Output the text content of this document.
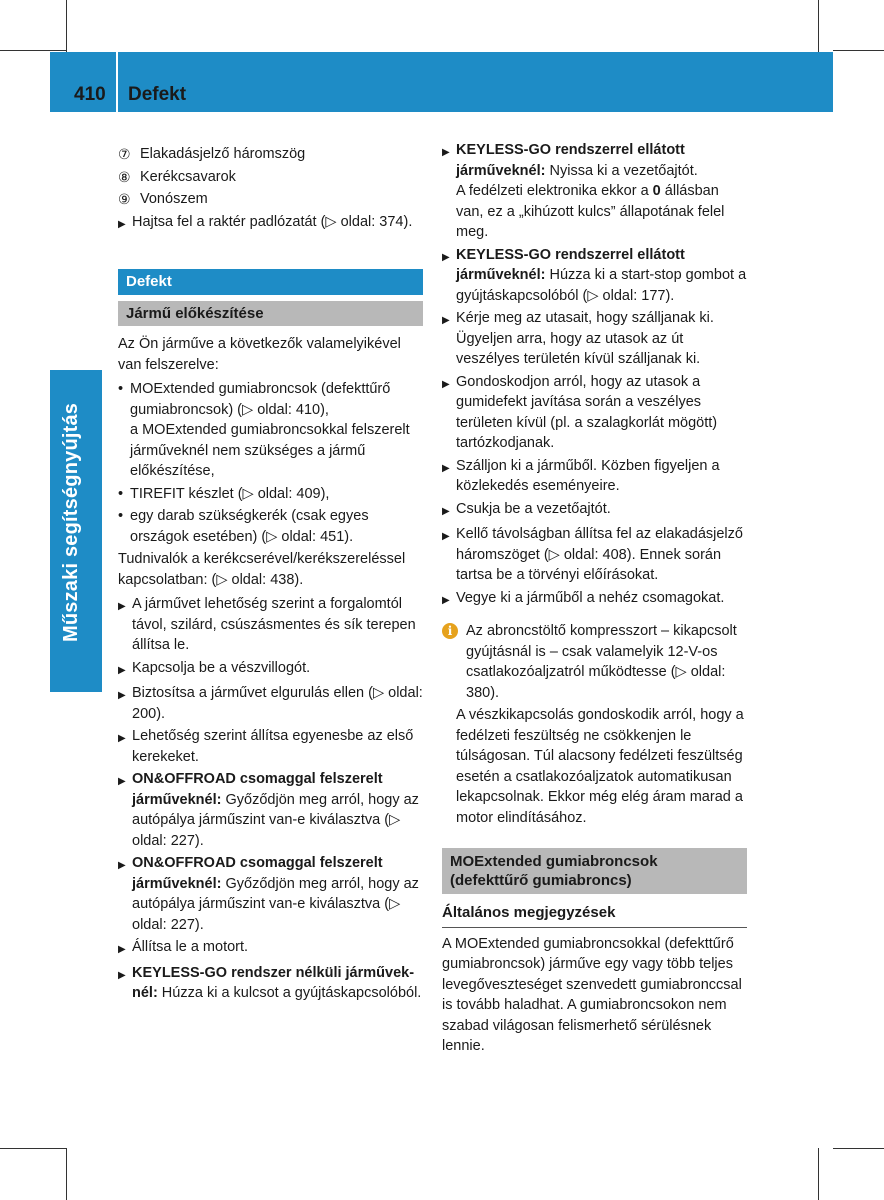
410 Defekt
Műszaki segítségnyújtás
⑦ Elakadásjelző háromszög
⑧ Kerékcsavarok
⑨ Vonószem
▶ Hajtsa fel a raktér padlózatát (▷ oldal: 374).
Defekt
Jármű előkészítése

Az Ön járműve a következők valamelyikével van felszerelve:

• MOExtended gumiabroncsok (defekttűrő gumiabroncsok) (▷ oldal: 410),
a MOExtended gumiabroncsokkal felszerelt járműveknél nem szükséges a jármű előkészítése,
• TIREFIT készlet (▷ oldal: 409),
• egy darab szükségkerék (csak egyes országok esetében) (▷ oldal: 451).

Tudnivalók a kerékcserével/kerékszereléssel kapcsolatban: (▷ oldal: 438).

▶ A járművet lehetőség szerint a forgalomtól távol, szilárd, csúszásmentes és sík terepen állítsa le.
▶ Kapcsolja be a vészvillogót.
▶ Biztosítsa a járművet elgurulás ellen (▷ oldal: 200).
▶ Lehetőség szerint állítsa egyenesbe az első kerekeket.
▶ ON&OFFROAD csomaggal felszerelt járműveknél: Győződjön meg arról, hogy az autópálya járműszint van-e kiválasztva (▷ oldal: 227).
▶ ON&OFFROAD csomaggal felszerelt járműveknél: Győződjön meg arról, hogy az autópálya járműszint van-e kiválasztva (▷ oldal: 227).
▶ Állítsa le a motort.
▶ KEYLESS-GO rendszer nélküli járműveknél: Húzza ki a kulcsot a gyújtáskapcsolóból.
▶ KEYLESS-GO rendszerrel ellátott járműveknél: Nyissa ki a vezetőajtót.
A fedélzeti elektronika ekkor a 0 állásban van, ez a „kihúzott kulcs” állapotának felel meg.
▶ KEYLESS-GO rendszerrel ellátott járműveknél: Húzza ki a start-stop gombot a gyújtáskapcsolóból (▷ oldal: 177).
▶ Kérje meg az utasait, hogy szálljanak ki. Ügyeljen arra, hogy az utasok az út veszélyes területén kívül szálljanak ki.
▶ Gondoskodjon arról, hogy az utasok a gumidefekt javítása során a veszélyes területen kívül (pl. a szalagkorlát mögött) tartózkodjanak.
▶ Szálljon ki a járműből. Közben figyeljen a közlekedés eseményeire.
▶ Csukja be a vezetőajtót.
▶ Kellő távolságban állítsa fel az elakadásjelző háromszöget (▷ oldal: 408). Ennek során tartsa be a törvényi előírásokat.
▶ Vegye ki a járműből a nehéz csomagokat.
i Az abroncstöltő kompresszort – kikapcsolt gyújtásnál is – csak valamelyik 12-V-os csatlakozóaljzatról működtesse (▷ oldal: 380).

A vészkikapcsolás gondoskodik arról, hogy a fedélzeti feszültség ne csökkenjen le túlságosan. Túl alacsony fedélzeti feszültség esetén a csatlakozóaljzatok automatikusan lekapcsolnak. Ekkor még elég áram marad a motor elindításához.

MOExtended gumiabroncsok (defekttűrő gumiabroncs)
Általános megjegyzések

A MOExtended gumiabroncsokkal (defekttűrő gumiabroncsok) járműve egy vagy több teljes levegőveszteséget szenvedett gumiabronccsal is tovább haladhat. A gumiabroncsokon nem szabad világosan felismerhető sérülésnek lennie.
